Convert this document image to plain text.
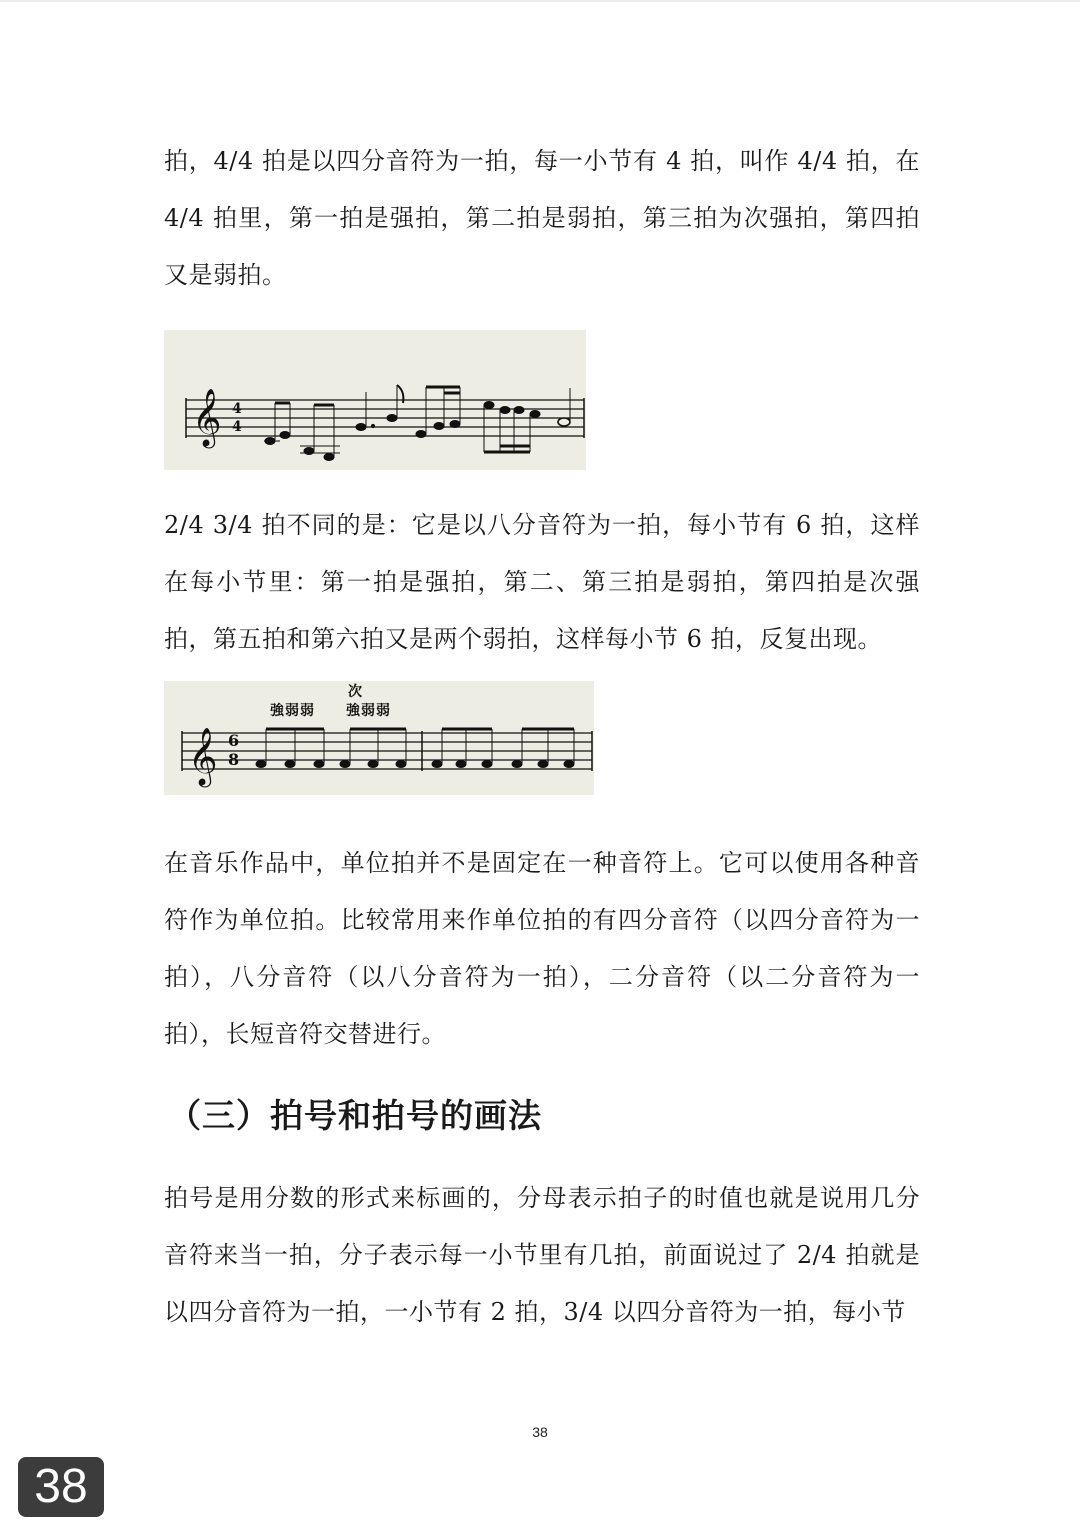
拍，4/4 拍是以四分音符为一拍，每一小节有 4 拍，叫作 4/4 拍，在 4/4 拍里，第一拍是强拍，第二拍是弱拍，第三拍为次强拍，第四拍又是弱拍。

𝄞 4
4

2/4 3/4 拍不同的是：它是以八分音符为一拍，每小节有 6 拍，这样在每小节里：第一拍是强拍，第二、第三拍是弱拍，第四拍是次强拍，第五拍和第六拍又是两个弱拍，这样每小节 6 拍，反复出现。

次
強弱弱 強弱弱
𝄞 6
8

在音乐作品中，单位拍并不是固定在一种音符上。它可以使用各种音符作为单位拍。比较常用来作单位拍的有四分音符（以四分音符为一拍），八分音符（以八分音符为一拍），二分音符（以二分音符为一拍），长短音符交替进行。

（三）拍号和拍号的画法

拍号是用分数的形式来标画的，分母表示拍子的时值也就是说用几分音符来当一拍，分子表示每一小节里有几拍，前面说过了 2/4 拍就是以四分音符为一拍，一小节有 2 拍，3/4 以四分音符为一拍，每小节

38
38
